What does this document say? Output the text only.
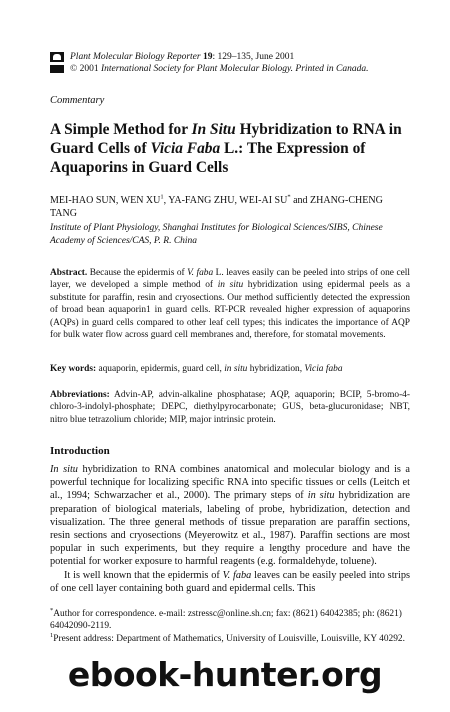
Plant Molecular Biology Reporter
19 : 129–135, June 2001
© 2001
International Society for Plant Molecular Biology. Printed in Canada.
Commentary
A Simple Method for In Situ Hybridization to RNA in Guard Cells of Vicia Faba L.: The Expression of Aquaporins in Guard Cells
MEI-HAO SUN, WEN $XU^1$, YA-FANG ZHU, WEI-AI SU* and ZHANG-CHENG TANG
Institute of Plant Physiology, Shanghai Institutes for Biological Sciences/SIBS, Chinese Academy of Sciences/CAS, P. R. China
Abstract. Because the epidermis of V. faba L. leaves easily can be peeled into strips of one cell layer, we developed a simple method of in situ hybridization using epidermal peels as a substitute for paraffin, resin and cryosections. Our method sufficiently detected the expression of broad bean aquaporin1 in guard cells. RT-PCR revealed higher expression of aquaporins (AQPs) in guard cells compared to other leaf cell types; this indicates the importance of AQP for bulk water flow across guard cell membranes and, therefore, for stomatal movements.
Key words: aquaporin, epidermis, guard cell, in situ hybridization, Vicia faba
Abbreviations: Advin-AP, advin-alkaline phosphatase; AQP, aquaporin; BCIP, 5-bromo-4-chloro-3-indolyl-phosphate; DEPC, diethylpyrocarbonate; GUS, beta-glucuronidase; NBT, nitro blue tetrazolium chloride; MIP, major intrinsic protein.
Introduction

In situ hybridization to RNA combines anatomical and molecular biology and is a powerful technique for localizing specific RNA into specific tissues or cells (Leitch et al., 1994; Schwarzacher et al., 2000). The primary steps of in situ hybridization are preparation of biological materials, labeling of probe, hybridization, detection and visualization. The three general methods of tissue preparation are paraffin sections, resin sections and cryosections (Meyerowitz et al., 1987). Paraffin sections are most popular in such experiments, but they require a lengthy procedure and have the potential for worker exposure to harmful reagents (e.g. formaldehyde, toluene).

It is well known that the epidermis of V. faba leaves can be easily peeled into strips of one cell layer containing both guard and epidermal cells. This

*Author for correspondence. e-mail: zstressc@online.sh.cn; fax: (8621) 64042385; ph: (8621) 64042090-2119.
$^1$Present address: Department of Mathematics, University of Louisville, Louisville, KY 40292.
ebook-hunter.org
